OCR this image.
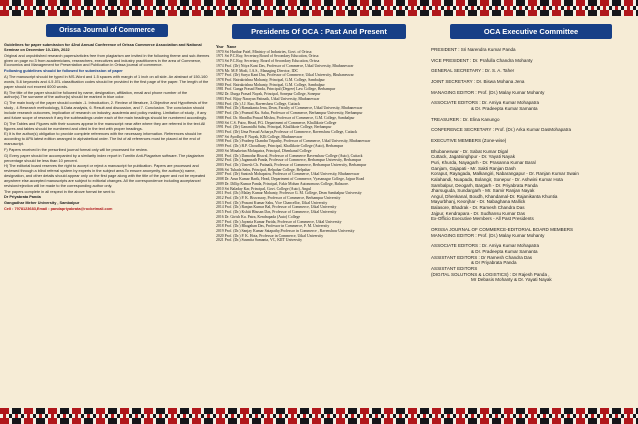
Orissa Journal of Commerce

Guidelines for paper submission for 42nd Annual Conference of Orissa Commerce Association and National Seminar on December 10-11th, 2022

Original and unpublished research papers/articles free from plagiarism are invited in the following theme and sub-themes given on page no 3 from academicians, researchers, executives and industry practitioners in the area of Commerce, Economics and Management for Presentation and Publication in Orissa journal of commerce.

Following guidelines should be followed for submission of paper

A) The manuscript should be typed in MS-Word and 1.5 spaces with margin of 1 inch on all side. An abstract of 150-160 words, 5-6 keywords and 4-5 JEL classification codes should be provided in the first page of the paper. The length of the paper should not exceed 6000 words.

B) The title of the paper should be followed by name, designation, affiliation, email and phone number of the author(s).The surname of the author(s) should be marked in blue color.

C) The main body of the paper should contain -1. Introduction, 2. Review of literature, 3.Objective and Hypothesis of the study , 4.Research methodology, 5.Data analysis, 6. Result and discussion, and 7. Conclusion. The conclusion should include research outcomes, implication of research on industry, academia and policy making. Limitation of study , if any and future scope of research if any the subheadings under each of the main headings should be numbered accordingly.

D) The Tables and Figures with their sources appear in the manuscript near after where they are referred in the text.All figures and tables should be numbered and cited in the text with proper headings.

E) It is the author(s) obligation to provide complete references with the necessary information. References should be according to APA latest edition arranged in alphabetical order. The list of all references must be placed at the end of manuscript.

F) Papers received in the prescribed journal format only will be processed for review.

G) Every paper should be accompanied by a similarity index report in Turnitin Anti-Plagarism software. The plagiarism percentage should be less than 10 percent.

H) The editorial board reserves the right to accept or reject a manuscript for publication. Papers are processed and reviewed through a blind referral system by experts in the subject area.To ensure anonymity, the author(s) name, designation, and other details should appear only on the first page along with the title of the paper and not be repeated anywhere else.accepted manuscripts are subject to editorial changes. All the correspondence including acceptance/ revision/rejection will be made to the corresponding author only.

The papers complete in all respect in the above format be sent to

Dr Priyabrata Panda

Gangadhar Meher University , Sambalpur

Cell : 7978123683,Email : pandapriyabrata@rocketmail.com

Presidents Of OCA : Past And Present
Year Name
1970 Sri Harihar Patel, Ministry of Industries, Govt. of Orissa
1971 Sri P.C.Ray, Secretary,Board of Secondary Education, Orissa
1973 Sri P.C.Ray, Secretary, Board of Secondary Education, Orissa
1974 Prof. (Dr) Nitya Kant Das, Professor of Commerce, Utkal University, Bhubaneswar
1976 Mr. M.P. Modi, I.A.S., Managing Director, IDC
1977 Prof. (Dr) Surya Kant Das, Professor of Commerce, Utkal University, Bhubaneswar
1978 Prof. Bairakrishna Mohanty, Principal, G.M. College, Sambalpur
1980 Prof. Bairakrishna Mohanty, Principal, G.M. College, Sambalpur
1981 Prof. Ganga Prasad Panda, Principal (Degree) Law College, Berhampur
1982 Dr. Durga Prasad Nayak, Principal, Sonepur College, Sonepur
1983 Prof. Bijay Narayan Pattnaik, Utkal University, Bhubaneswar
1984 Prof. (Dr.) J.J. Rao, Ravenshaw College, Cuttack
1986 Prof. (Dr.) Ramakanta Jena, Dean, Faculty of Commerce, Utkal University, Bhubaneswar
1987 Prof. (Dr.) Pramod Ku. Sahu, Professor of Commerce, Berhampur University, Berhampur
1988 Prof. Dr. Shradha Prasad Mishra, Professor of Commerce, G.M. College, Sambalpur
1990 Sri C.S. Patro, Head, P.G. Department of Commerce, Khallikote College
1991 Prof. (Dr) Gananidhi Sahu, Principal, Khallikote College, Berhampur
1993 Prof. (Dr) Uma Prasad Acharya,Professor of Commerce, Ravenshaw College, Cuttack
1997 Sri Ayodhya P. Nayak, KIIt College, Bhubaneswar
1998 Prof. (Dr.) Pradeep Chandra Tripathy, Professor of Commerce, Utkal University, Bhubaneswar
1999 Prof. (Dr.) B.P. Choudhury, Principal, Khallikote College (Auto), Berhampur
2000 Sri Minaketan Mohapatra, Principal, Dhenkanal College
2001 Prof. (Dr.) Damodar Biswal, Professor of Commerce Ravenshaw College (Auto), Cuttack
2002 Prof. (Dr.) Jagannath Panda, Professor of Commerce, Berhampur University, Berhampur
2003 Prof. (Dr.) Umesh Ch. Pattnaik, Professor of Commerce, Berhampur University, Berhampur
2006 Sri Tuhada Sahu, Principal, Belpahar College, Belpahar
2007 Prof. (Dr) Santosh Mohapatra, Professor of Commerce, Utkal University, Bhubaneswar
2008 Dr. Arun Kumar Barik, Head, Department of Commerce, Vyasanagar College, Jajpur Road
2009 Dr. Dillip Kumar Panda, Principal, Fakir Mohan Autonomous College, Balasore.
2010 Sri Baladay Kar, Principal, Govt. College (Auto), Angul
2011 Prof. (Dr.) Malay Kumar Mohanty, Professor G. M. College, Dean Sambalpur University
2012 Prof. (Dr.) P. K. Biswasray, Professor of Commerce, Berhampur University
2013 Prof. (Dr.) Prasant Kumar Sahu, Vice Chancellor, Utkal University
2014 Prof. (Dr.) Ranjan Kumar Bal, Professor of Commerce, Utkal University
2015 Prof. (Dr.) Kshiti Bhusan Das, Professor of Commerce, Utkal University
2016 Dr. Girish Ku. Patra, Kendrapada (Auto) College
2017 Prof. (Dr.) Jayanta Kumar Parida, Professor of Commerce, Utkal University
2018 Prof. (Dr.) Bhagaban Das, Professor in Commerce, F. M. University
2019 Prof. (Dr.) Sanjay Kumar Satapathy,Professor in Commerce , Ravenshaw University
2020 Prof. (Dr.) P. K. Hota, Professor in Commerce, Utkal University
2021 Prof. (Dr.) Susmita Samanta, VC, KIIT University
OCA Executive Committee

PRESIDENT : Sri Narendra Kumar Panda

VICE PRESIDENT : Dr. Prafulla Chandra Mohanty

GENERAL SECRETARY : Dr. S. A. Taher

JOINT SECRETARY : Dr. Biswa Mohana Jena

MANAGING EDITOR : Prof. (Dr.) Malay Kumar Mohanty

ASSOCIATE EDITORS : Dr. Amiya Kumar Mohapatra

& Dr. Pradeepta Kumar Samanta

TREASURER : Dr. Elina Kanungo

CONFERENCE SECRETARY : Prof. (Dr.) Arka Kumar DasMohapatra

EXECUTIVE MEMBERS (Zone-wise)

Bhubaneswar - Dr. Sabat Kumar Digal
Cuttack, Jagatsinghpur - Dr. Yayati Nayak
Puri, Khurda, Nayagarh - Dr. Prasanna Kumar Baral
Ganjam, Gajapati - Mr. Sakti Ranjan Dash
Koraput, Rayagada, Malkangiri, Nabarangapur - Dr. Ranjan Kumar Swain
Kalahandi, Nuapada, Bolangir, Sonepur - Dr. Ashwini Kumar Hota
Sambalpur, Deogarh, Bargarh - Dr. Priyabrata Panda
Jharsuguda, Sundargarh - Mr. Samir Ranjan Nayak
Angul, Dhenkanal, Boudh, Khandamal-Dr. Rajanikanta Khuntia
Mayurbhanj, Keonjhar - Dr. Nabaghana Mallick
Balasore, Bhadrak - Dr. Ramesh Chandra Das
Jajpur, Kendrapara - Dr. Sudhansu Kumar Das
Ex-Officio Executive Members - All Past Presidents

ORISSA JOURNAL OF COMMERCE-EDITORIAL BOARD MEMBERS

MANAGING EDITOR : Prof. (Dr.) Malay Kumar Mohanty

ASSOCIATE EDITORS : Dr. Amiya Kumar Mohapatra

& Dr. Pradeepta Kumar Samanta

ASSISTANT EDITORS : Dr Ramesh Chandra Das

& Dr Priyabrata Panda

ASSISTANT EDITORS

(DIGITAL SOLUTIONS & LOGISTICS) : Dr Rajesh Panda ,

Mr Debasis Mohanty & Dr. Yayati Nayak
